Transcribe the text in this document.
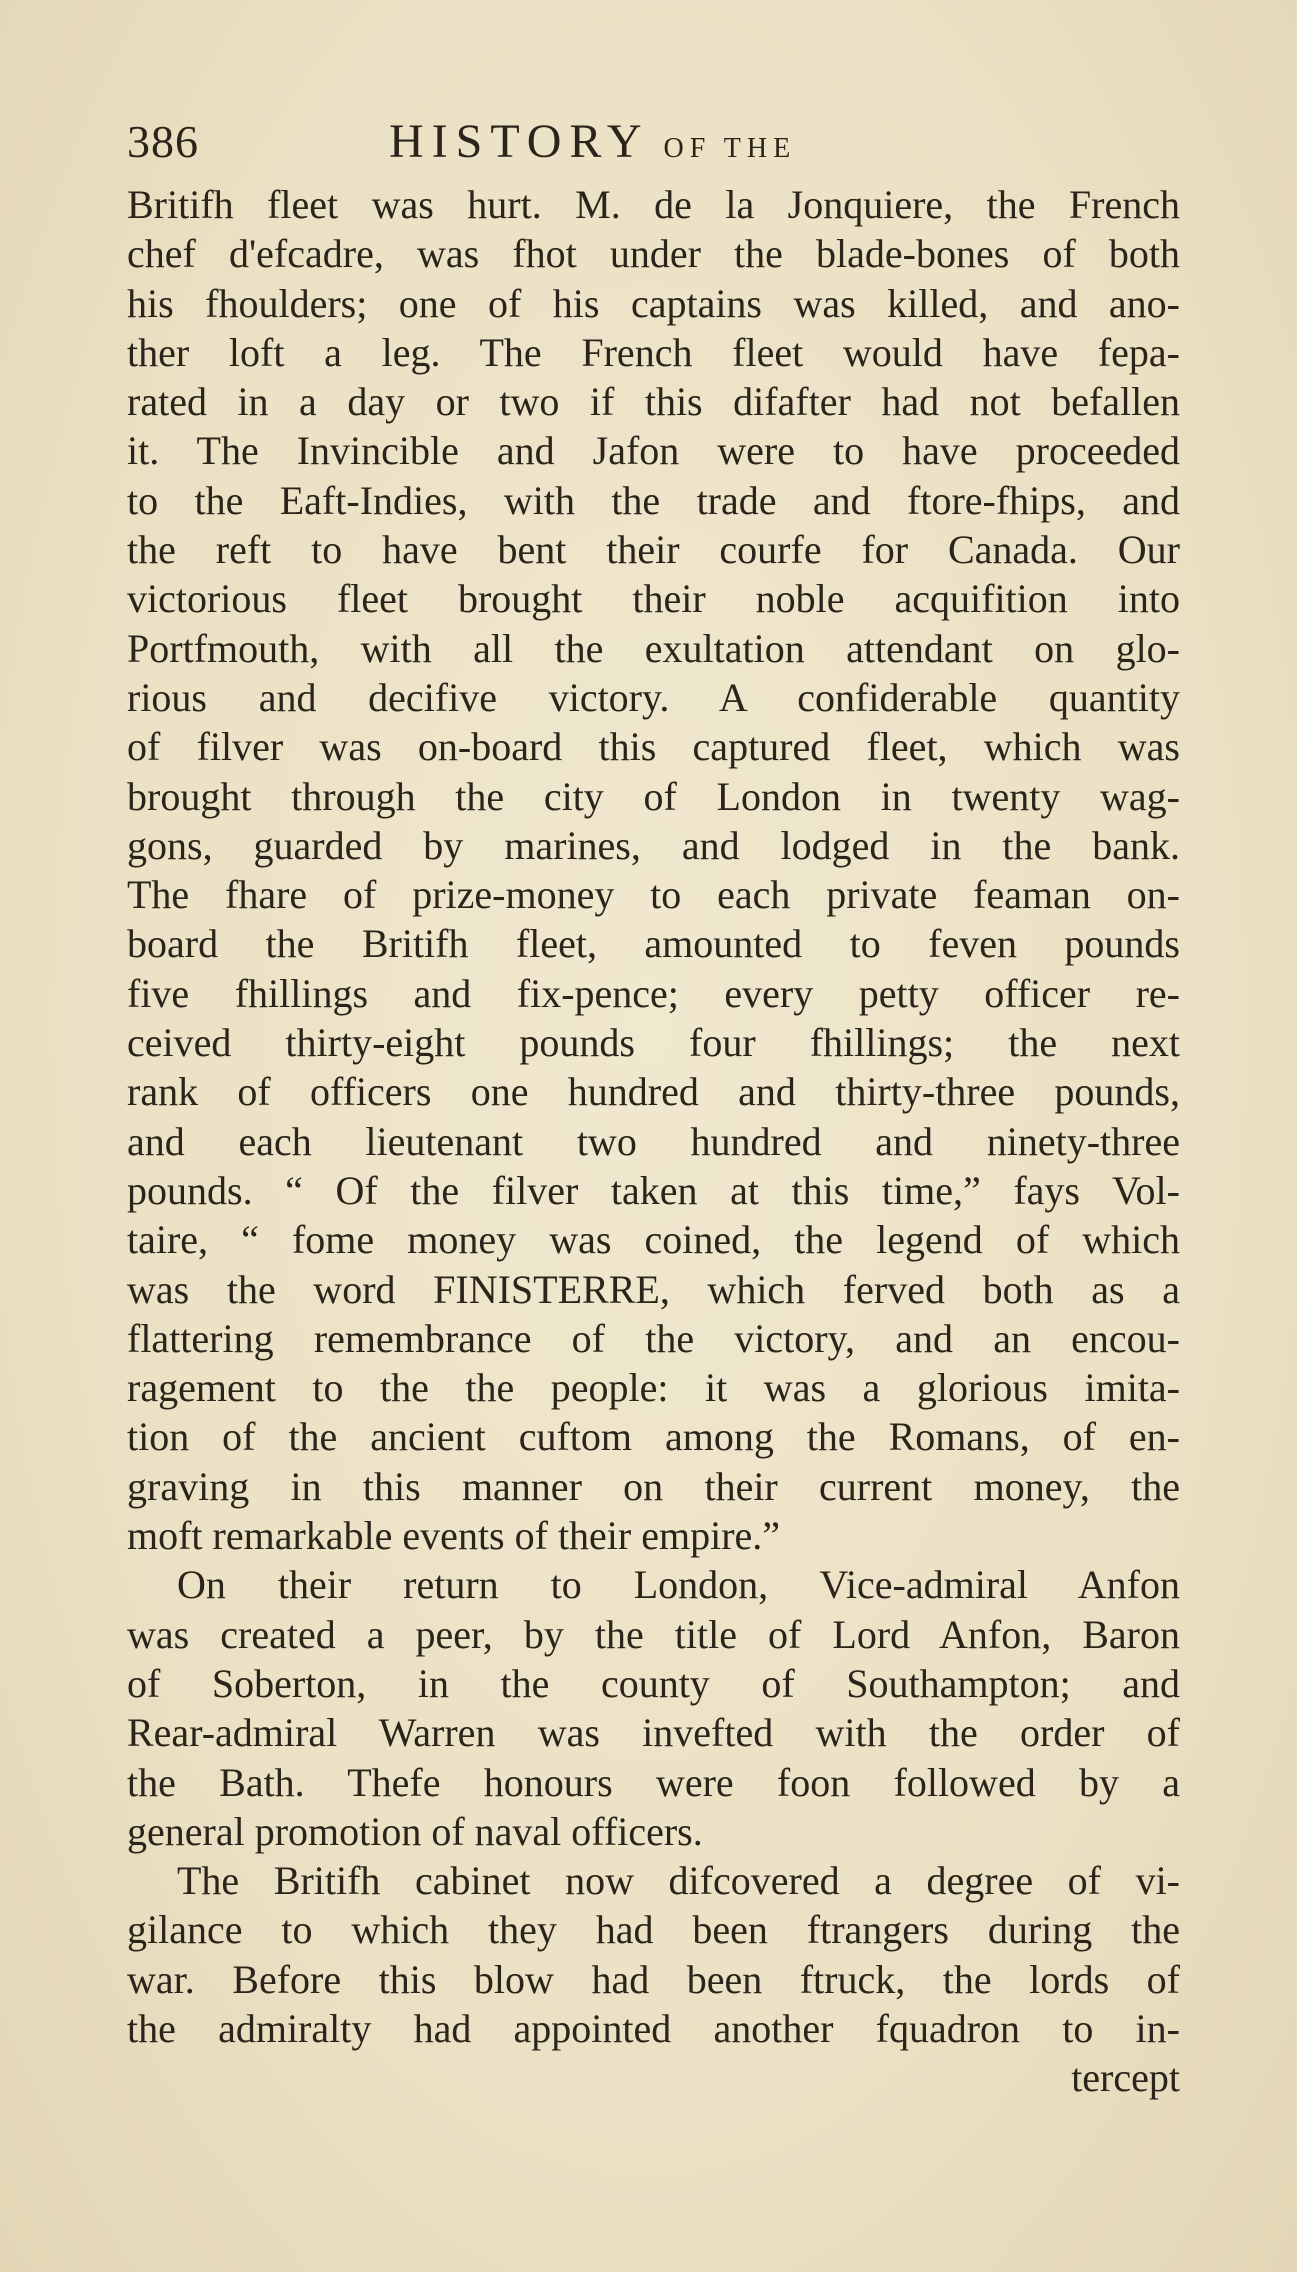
386	HISTORY OF THE
Britifh fleet was hurt. M. de la Jonquiere, the French
chef d'efcadre, was fhot under the blade-bones of both
his fhoulders; one of his captains was killed, and ano-
ther loft a leg. The French fleet would have fepa-
rated in a day or two if this difafter had not befallen
it. The Invincible and Jafon were to have proceeded
to the Eaft-Indies, with the trade and ftore-fhips, and
the reft to have bent their courfe for Canada. Our
victorious fleet brought their noble acquifition into
Portfmouth, with all the exultation attendant on glo-
rious and decifive victory. A confiderable quantity
of filver was on-board this captured fleet, which was
brought through the city of London in twenty wag-
gons, guarded by marines, and lodged in the bank.
The fhare of prize-money to each private feaman on-
board the Britifh fleet, amounted to feven pounds
five fhillings and fix-pence; every petty officer re-
ceived thirty-eight pounds four fhillings; the next
rank of officers one hundred and thirty-three pounds,
and each lieutenant two hundred and ninety-three
pounds. “ Of the filver taken at this time,” fays Vol-
taire, “ fome money was coined, the legend of which
was the word FINISTERRE, which ferved both as a
flattering remembrance of the victory, and an encou-
ragement to the the people: it was a glorious imita-
tion of the ancient cuftom among the Romans, of en-
graving in this manner on their current money, the
moft remarkable events of their empire.”
On their return to London, Vice-admiral Anfon
was created a peer, by the title of Lord Anfon, Baron
of Soberton, in the county of Southampton; and
Rear-admiral Warren was invefted with the order of
the Bath. Thefe honours were foon followed by a
general promotion of naval officers.
The Britifh cabinet now difcovered a degree of vi-
gilance to which they had been ftrangers during the
war. Before this blow had been ftruck, the lords of
the admiralty had appointed another fquadron to in-
tercept
